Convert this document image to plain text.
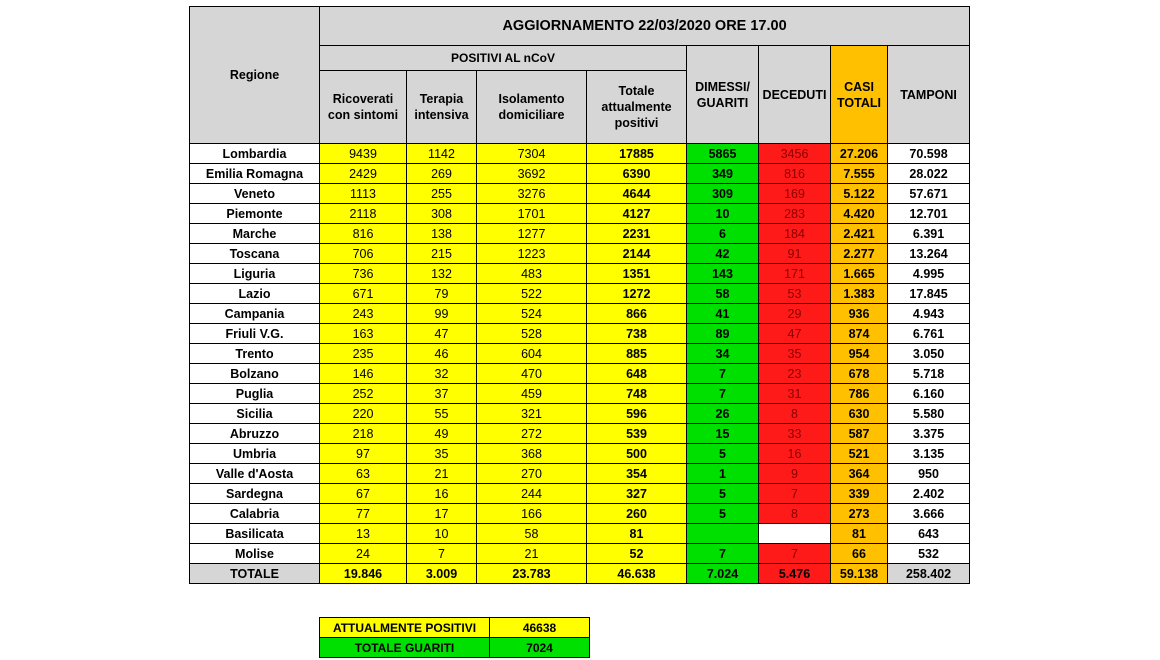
Regione	AGGIORNAMENTO 22/03/2020 ORE 17.00							
	POSITIVI AL nCoV				DIMESSI/ GUARITI	DECEDUTI	CASI TOTALI	TAMPONI
	Ricoverati con sintomi	Terapia intensiva	Isolamento domiciliare	Totale attualmente positivi				
Lombardia	9439	1142	7304	17885	5865	3456	27.206	70.598
Emilia Romagna	2429	269	3692	6390	349	816	7.555	28.022
Veneto	1113	255	3276	4644	309	169	5.122	57.671
Piemonte	2118	308	1701	4127	10	283	4.420	12.701
Marche	816	138	1277	2231	6	184	2.421	6.391
Toscana	706	215	1223	2144	42	91	2.277	13.264
Liguria	736	132	483	1351	143	171	1.665	4.995
Lazio	671	79	522	1272	58	53	1.383	17.845
Campania	243	99	524	866	41	29	936	4.943
Friuli V.G.	163	47	528	738	89	47	874	6.761
Trento	235	46	604	885	34	35	954	3.050
Bolzano	146	32	470	648	7	23	678	5.718
Puglia	252	37	459	748	7	31	786	6.160
Sicilia	220	55	321	596	26	8	630	5.580
Abruzzo	218	49	272	539	15	33	587	3.375
Umbria	97	35	368	500	5	16	521	3.135
Valle d'Aosta	63	21	270	354	1	9	364	950
Sardegna	67	16	244	327	5	7	339	2.402
Calabria	77	17	166	260	5	8	273	3.666
Basilicata	13	10	58	81			81	643
Molise	24	7	21	52	7	7	66	532
TOTALE	19.846	3.009	23.783	46.638	7.024	5.476	59.138	258.402
ATTUALMENTE POSITIVI	46638
TOTALE GUARITI	7024
